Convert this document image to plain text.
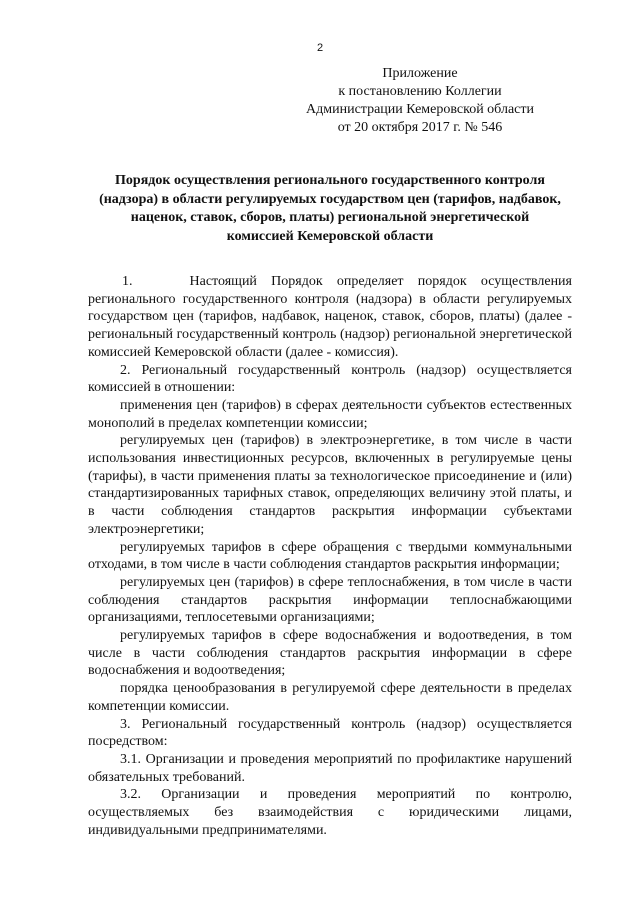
2
Приложение
к постановлению Коллегии
Администрации Кемеровской области
от 20 октября 2017 г. № 546
Порядок осуществления регионального государственного контроля
(надзора) в области регулируемых государством цен (тарифов, надбавок,
наценок, ставок, сборов, платы) региональной энергетической
комиссией Кемеровской области

1.    Настоящий Порядок определяет порядок осуществления регионального государственного контроля (надзора) в области регулируемых государством цен (тарифов, надбавок, наценок, ставок, сборов, платы) (далее - региональный государственный контроль (надзор) региональной энергетической комиссией Кемеровской области (далее - комиссия).

2. Региональный государственный контроль (надзор) осуществляется комиссией в отношении:

применения цен (тарифов) в сферах деятельности субъектов естественных монополий в пределах компетенции комиссии;

регулируемых цен (тарифов) в электроэнергетике, в том числе в части использования инвестиционных ресурсов, включенных в регулируемые цены (тарифы), в части применения платы за технологическое присоединение и (или) стандартизированных тарифных ставок, определяющих величину этой платы, и в части соблюдения стандартов раскрытия информации субъектами электроэнергетики;

регулируемых тарифов в сфере обращения с твердыми коммунальными отходами, в том числе в части соблюдения стандартов раскрытия информации;

регулируемых цен (тарифов) в сфере теплоснабжения, в том числе в части соблюдения стандартов раскрытия информации теплоснабжающими организациями, теплосетевыми организациями;

регулируемых тарифов в сфере водоснабжения и водоотведения, в том числе в части соблюдения стандартов раскрытия информации в сфере водоснабжения и водоотведения;

порядка ценообразования в регулируемой сфере деятельности в пределах компетенции комиссии.

3. Региональный государственный контроль (надзор) осуществляется посредством:

3.1. Организации и проведения мероприятий по профилактике нарушений обязательных требований.

3.2. Организации и проведения мероприятий по контролю, осуществляемых без взаимодействия с юридическими лицами, индивидуальными предпринимателями.
